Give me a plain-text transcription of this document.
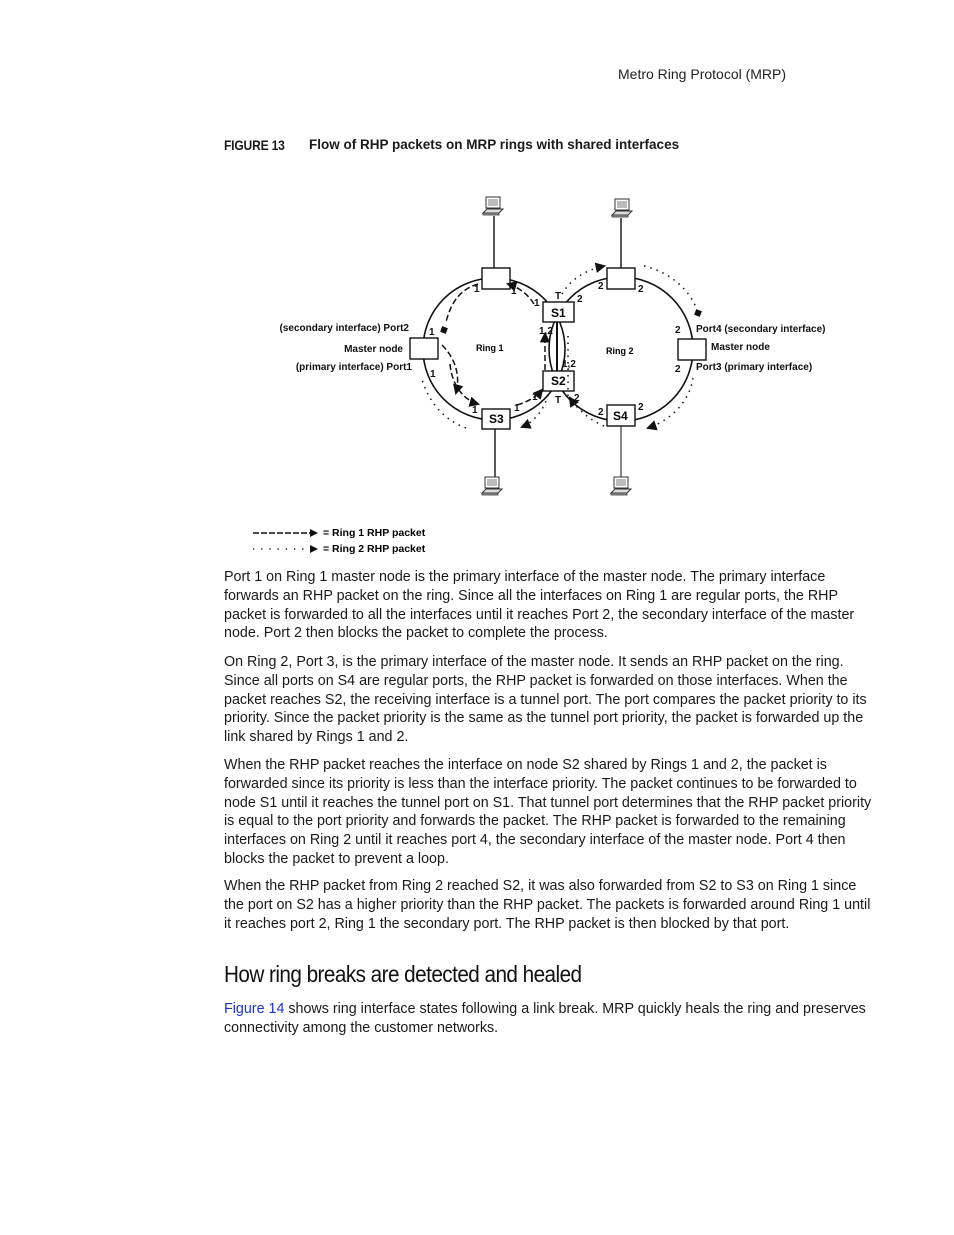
Metro Ring Protocol (MRP)
FIGURE 13 Flow of RHP packets on MRP rings with shared interfaces
S1
S2
S3	S4
Ring 1	Ring 2
1	1
1
1
1
1	1
1
1,2
1,2
2	2
2
2
2
2
2	2
T
T
(secondary interface) Port2
Master node
(primary interface) Port1
Port4 (secondary interface)
Master node
Port3 (primary interface)
= Ring 1 RHP packet
= Ring 2 RHP packet

Port 1 on Ring 1 master node is the primary interface of the master node. The primary interface forwards an RHP packet on the ring. Since all the interfaces on Ring 1 are regular ports, the RHP packet is forwarded to all the interfaces until it reaches Port 2, the secondary interface of the master node. Port 2 then blocks the packet to complete the process.

On Ring 2, Port 3, is the primary interface of the master node. It sends an RHP packet on the ring. Since all ports on S4 are regular ports, the RHP packet is forwarded on those interfaces. When the packet reaches S2, the receiving interface is a tunnel port. The port compares the packet priority to its priority. Since the packet priority is the same as the tunnel port priority, the packet is forwarded up the link shared by Rings 1 and 2.

When the RHP packet reaches the interface on node S2 shared by Rings 1 and 2, the packet is forwarded since its priority is less than the interface priority. The packet continues to be forwarded to node S1 until it reaches the tunnel port on S1. That tunnel port determines that the RHP packet priority is equal to the port priority and forwards the packet. The RHP packet is forwarded to the remaining interfaces on Ring 2 until it reaches port 4, the secondary interface of the master node. Port 4 then blocks the packet to prevent a loop.

When the RHP packet from Ring 2 reached S2, it was also forwarded from S2 to S3 on Ring 1 since the port on S2 has a higher priority than the RHP packet. The packets is forwarded around Ring 1 until it reaches port 2, Ring 1 the secondary port. The RHP packet is then blocked by that port.

How ring breaks are detected and healed

Figure 14 shows ring interface states following a link break. MRP quickly heals the ring and preserves connectivity among the customer networks.
